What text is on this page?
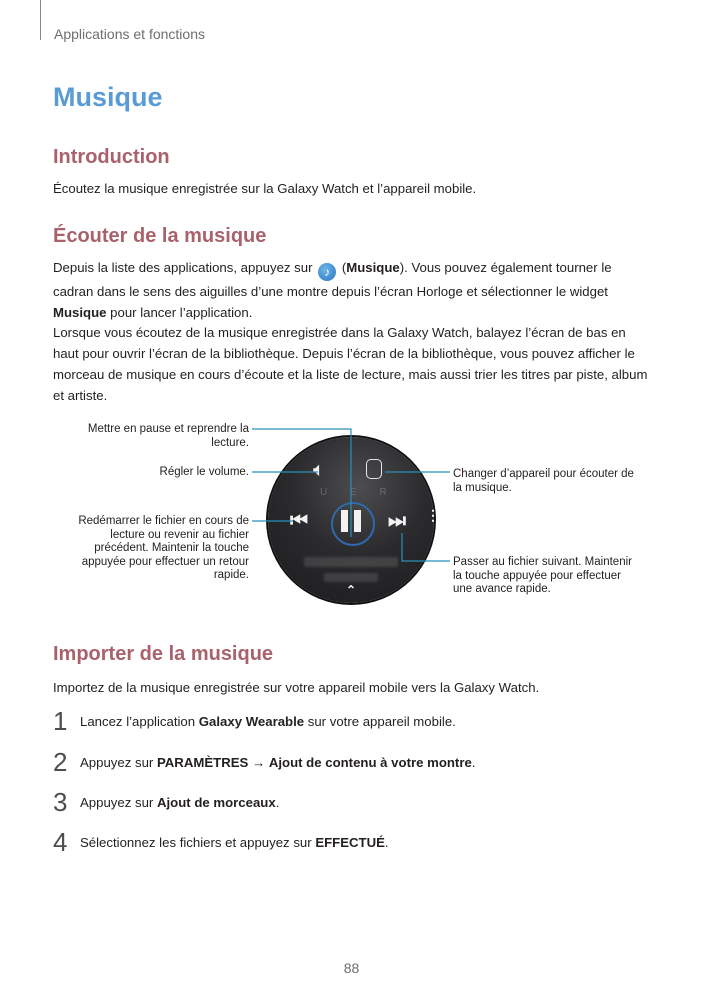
Applications et fonctions
Musique
Introduction

Écoutez la musique enregistrée sur la Galaxy Watch et l’appareil mobile.

Écouter de la musique

Depuis la liste des applications, appuyez sur ♪ (Musique). Vous pouvez également tourner le cadran dans le sens des aiguilles d’une montre depuis l’écran Horloge et sélectionner le widget Musique pour lancer l’application.

Lorsque vous écoutez de la musique enregistrée dans la Galaxy Watch, balayez l’écran de bas en haut pour ouvrir l’écran de la bibliothèque. Depuis l’écran de la bibliothèque, vous pouvez afficher le morceau de musique en cours d’écoute et la liste de lecture, mais aussi trier les titres par piste, album et artiste.

Mettre en pause et reprendre la lecture.
Régler le volume.
Redémarrer le fichier en cours de lecture ou revenir au fichier précédent. Maintenir la touche appuyée pour effectuer un retour rapide.
Changer d’appareil pour écouter de la musique.
Passer au fichier suivant. Maintenir la touche appuyée pour effectuer une avance rapide.
🔈︎
U E R
⏮︎	⏭︎ ⋮
⌃
Importer de la musique

Importez de la musique enregistrée sur votre appareil mobile vers la Galaxy Watch.

1 Lancez l’application Galaxy Wearable sur votre appareil mobile.
2 Appuyez sur PARAMÈTRES → Ajout de contenu à votre montre.
3 Appuyez sur Ajout de morceaux.
4 Sélectionnez les fichiers et appuyez sur EFFECTUÉ.
88
